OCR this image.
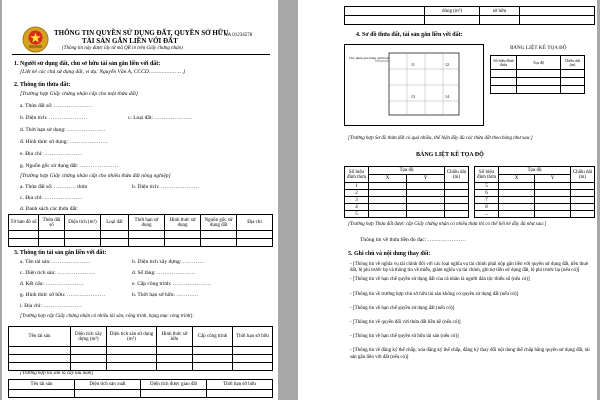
THÔNG TIN QUYỀN SỬ DỤNG ĐẤT, QUYỀN SỞ HỮU
TÀI SẢN GẮN LIỀN VỚI ĐẤT
(Thông tin này được lấy từ mã QR in trên Giấy chứng nhận)
AA 01234578
1. Người sử dụng đất, chủ sở hữu tài sản gắn liền với đất:
[Liệt kê các chủ sử dụng đất, ví dụ: Nguyễn Văn A, CCCD…………………]
2. Thông tin thửa đất:
[Trường hợp Giấy chứng nhận cấp cho một thửa đất]
a. Thửa đất số: …………………
b. Diện tích: …………………	c. Loại đất: …………………
d. Thời hạn sử dụng: …………………
đ. Hình thức sử dụng: …………………
e. Địa chỉ: …………………
g. Nguồn gốc sử dụng đất: …………………
[Trường hợp Giấy chứng nhận cấp cho nhiều thửa đất nông nghiệp]
a. Thửa đất số: ………… thửa	b. Diện tích: …………………
c. Địa chỉ: …………………
d. Danh sách các thửa đất:
Tờ bản đồ số	Thửa đất số	Diện tích (m²)	Loại đất	Thời hạn sử dụng	Hình thức sử dụng	Nguồn gốc sử dụng đất	Địa chỉ

3. Thông tin tài sản gắn liền với đất:
a. Tên tài sản: …………………	b. Diện tích xây dựng: …………
c. Diện tích sàn: …………………	d. Số tầng: …………………
đ. Kết cấu: …………………	e. Cấp công trình: …………………
g. Hình thức sở hữu: …………………	h. Thời hạn sở hữu: …………
i. Địa chỉ: …………………
[Trường hợp cấp Giấy chứng nhận có nhiều tài sản, công trình, hạng mục công trình]:
Tên tài sản	Diện tích xây dựng (m²)	Diện tích sàn sử dụng (m²)	Hình thức sở hữu	Cấp công trình	Thời hạn sở hữu

[Trường hợp tài sản là cây lâu năm]
Tên tài sản	Diện tích sản xuất	Diện tích được giao đất	Thời hạn sở hữu

	dùng (m²)	sở hữu	

4. Sơ đồ thửa đất, tài sản gắn liền với đất:
Cho phép qua bảng giới hạn
11	12
13	14
BẢNG LIỆT KÊ TỌA ĐỘ
Số hiệu đỉnh thửa	Tọa độ	Chiều dài (m)

[Trường hợp Sơ đồ thửa đất có quá nhiều, thể hiện đầy đủ các thửa đất theo bảng như sau:]
BẢNG LIỆT KÊ TỌA ĐỘ
Số hiệu đỉnh thửa	Tọa độ		Chiều dài (m)
	X	Y	
1			
2			
3			
4			
5			
Số hiệu đỉnh thửa	Tọa độ		Chiều dài (m)
	X	Y	
5			
6			
7			
8			
...			
[Trường hợp Thửa đất được cấp Giấy chứng nhận có nhiều thửa thì có thể liệt kê đầy đủ như sau:]
Thông tin về thửa liền đo đạc: …………………
5. Ghi chú và nội dung thay đổi:
- [Thông tin về nghĩa vụ tài chính đối với các loại nghĩa vụ tài chính phải nộp gắn liền với quyền sử dụng đất, tiền thuê đất, lệ phí trước bạ và thông tin về miễn, giảm nghĩa vụ tài chính, ghi nợ tiền sử dụng đất, lệ phí trước bạ (nếu có)]
- [Thông tin về hạn chế quyền sử dụng đất của cá nhân là người dân tộc thiểu số (nếu có)]
- [Thông tin về trường hợp chủ sở hữu tài sản không có quyền sử dụng đất (nếu có)]
- [Thông tin về hạn chế quyền sử dụng đất (nếu có)]
- [Thông tin về quyền đối với thửa đất liền kề (nếu có)]
- [Thông tin về hạn chế quyền sử hữu tài sản (nếu có)]
- [Thông tin về đăng ký thế chấp, xóa đăng ký thế chấp, đăng ký thay đổi nội dung thế chấp bằng quyền sử dụng đất, tài sản gắn liền với đất (nếu có)]
